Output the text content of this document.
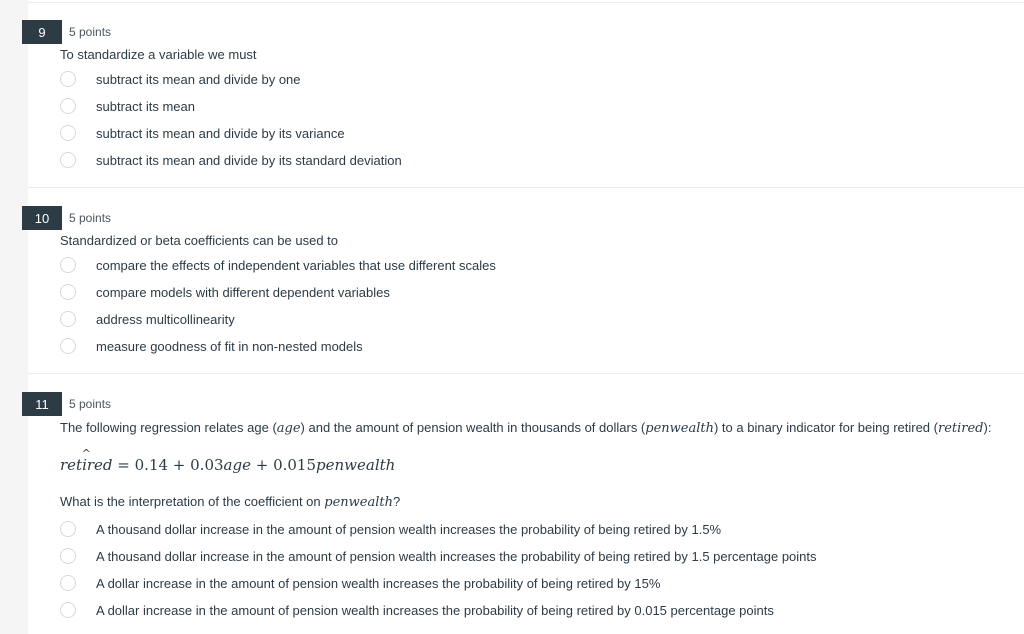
9	5 points
To standardize a variable we must
subtract its mean and divide by one
subtract its mean
subtract its mean and divide by its variance
subtract its mean and divide by its standard deviation
10	5 points
Standardized or beta coefficients can be used to
compare the effects of independent variables that use different scales
compare models with different dependent variables
address multicollinearity
measure goodness of fit in non-nested models
11	5 points
The following regression relates age (age) and the amount of pension wealth in thousands of dollars (penwealth) to a binary indicator for being retired (retired):
retired ^ = 0.14 + 0.03age + 0.015penwealth
What is the interpretation of the coefficient on penwealth?
A thousand dollar increase in the amount of pension wealth increases the probability of being retired by 1.5%
A thousand dollar increase in the amount of pension wealth increases the probability of being retired by 1.5 percentage points
A dollar increase in the amount of pension wealth increases the probability of being retired by 15%
A dollar increase in the amount of pension wealth increases the probability of being retired by 0.015 percentage points
